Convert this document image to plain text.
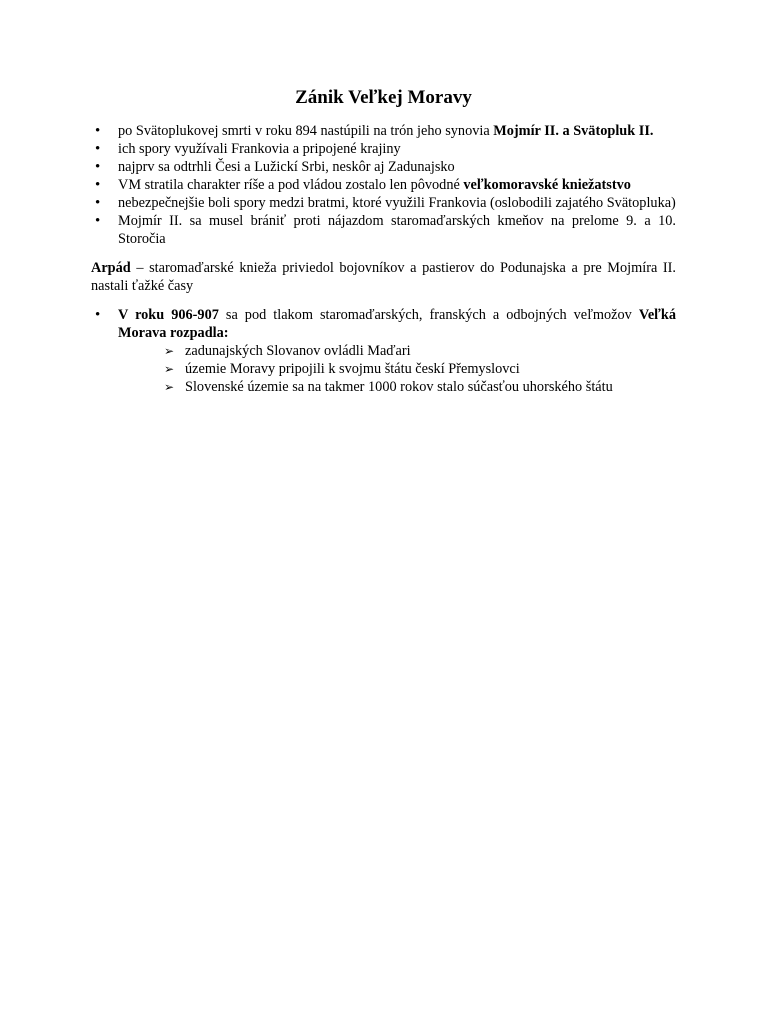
Zánik Veľkej Moravy
• po Svätoplukovej smrti v roku 894 nastúpili na trón jeho synovia Mojmír II. a Svätopluk II.
• ich spory využívali Frankovia a pripojené krajiny
• najprv sa odtrhli Česi a Lužickí Srbi, neskôr aj Zadunajsko
• VM stratila charakter ríše a pod vládou zostalo len pôvodné veľkomoravské kniežatstvo
• nebezpečnejšie boli spory medzi bratmi, ktoré využili Frankovia (oslobodili zajatého Svätopluka)
• Mojmír II. sa musel brániť proti nájazdom staromaďarských kmeňov na prelome 9. a 10. Storočia

Arpád – staromaďarské knieža priviedol bojovníkov a pastierov do Podunajska a pre Mojmíra II. nastali ťažké časy

• V roku 906-907 sa pod tlakom staromaďarských, franských a odbojných veľmožov Veľká Morava rozpadla:
➢ zadunajských Slovanov ovládli Maďari
➢ územie Moravy pripojili k svojmu štátu českí Přemyslovci
➢ Slovenské územie sa na takmer 1000 rokov stalo súčasťou uhorského štátu
